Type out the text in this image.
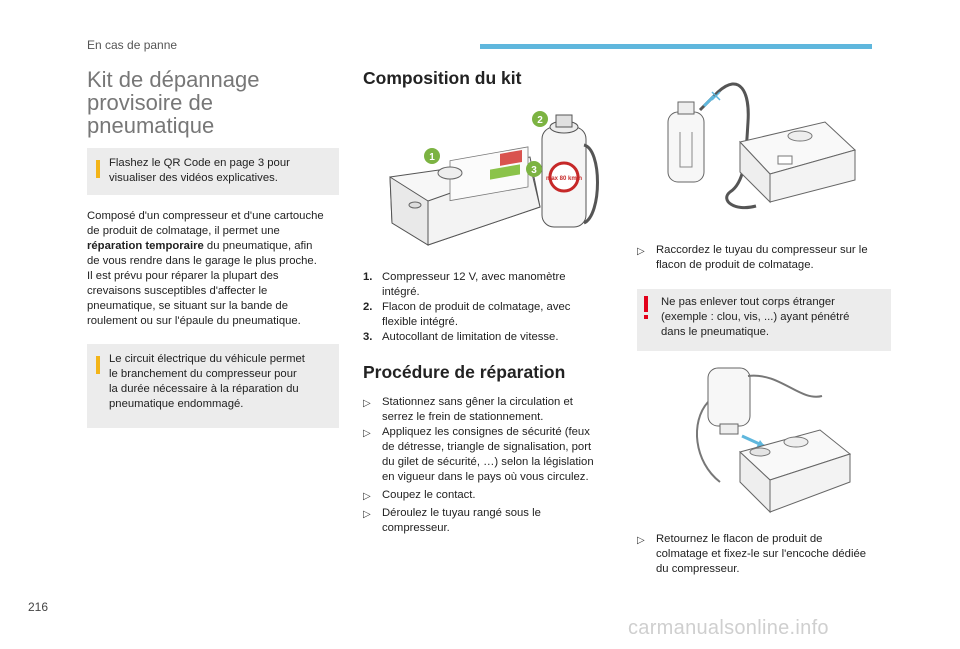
En cas de panne
Kit de dépannage
provisoire de
pneumatique
Flashez le QR Code en page 3 pour
visualiser des vidéos explicatives.
Composé d'un compresseur et d'une cartouche
de produit de colmatage, il permet une
réparation temporaire du pneumatique, afin
de vous rendre dans le garage le plus proche.
Il est prévu pour réparer la plupart des
crevaisons susceptibles d'affecter le
pneumatique, se situant sur la bande de
roulement ou sur l'épaule du pneumatique.
Le circuit électrique du véhicule permet
le branchement du compresseur pour
la durée nécessaire à la réparation du
pneumatique endommagé.
Composition du kit
max 80 km/h
1
2
3
1. Compresseur 12 V, avec manomètre
intégré.
2. Flacon de produit de colmatage, avec
flexible intégré.
3. Autocollant de limitation de vitesse.
Procédure de réparation
▷ Stationnez sans gêner la circulation et
serrez le frein de stationnement.
▷ Appliquez les consignes de sécurité (feux
de détresse, triangle de signalisation, port
du gilet de sécurité, …) selon la législation
en vigueur dans le pays où vous circulez.
▷ Coupez le contact.
▷ Déroulez le tuyau rangé sous le
compresseur.
▷ Raccordez le tuyau du compresseur sur le
flacon de produit de colmatage.
Ne pas enlever tout corps étranger
(exemple : clou, vis, ...) ayant pénétré
dans le pneumatique.
▷ Retournez le flacon de produit de
colmatage et fixez-le sur l'encoche dédiée
du compresseur.
216
carmanualsonline.info
